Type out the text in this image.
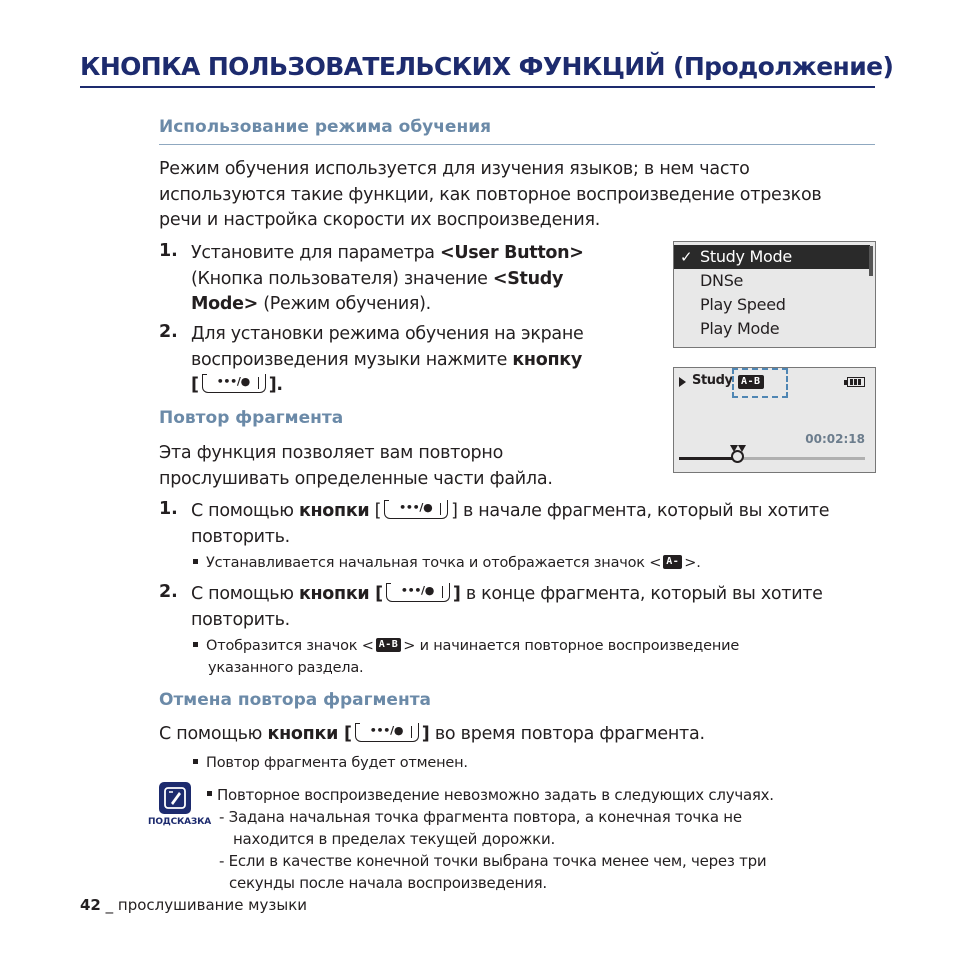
КНОПКА ПОЛЬЗОВАТЕЛЬСКИХ ФУНКЦИЙ (Продолжение)
Использование режима обучения
Режим обучения используется для изучения языков; в нем часто
используются такие функции, как повторное воспроизведение отрезков
речи и настройка скорости их воспроизведения.
1. Установите для параметра <User Button>
(Кнопка пользователя) значение <Study
Mode> (Режим обучения).
2. Для установки режима обучения на экране
воспроизведения музыки нажмите кнопку
[ •••/● ].
✓ Study Mode
DNSe
Play Speed
Play Mode
Study A-B
00:02:18
Повтор фрагмента
Эта функция позволяет вам повторно
прослушивать определенные части файла.
1. С помощью кнопки [ •••/● ] в начале фрагмента, который вы хотите
повторить.
Устанавливается начальная точка и отображается значок < A- >.
2. С помощью кнопки [ •••/● ] в конце фрагмента, который вы хотите
повторить.
Отобразится значок < A-B > и начинается повторное воспроизведение
указанного раздела.
Отмена повтора фрагмента
С помощью кнопки [ •••/● ] во время повтора фрагмента.
Повтор фрагмента будет отменен.
ПОДСКАЗКА
Повторное воспроизведение невозможно задать в следующих случаях.
- Задана начальная точка фрагмента повтора, а конечная точка не
находится в пределах текущей дорожки.
- Если в качестве конечной точки выбрана точка менее чем, через три
секунды после начала воспроизведения.
42 _ прослушивание музыки
